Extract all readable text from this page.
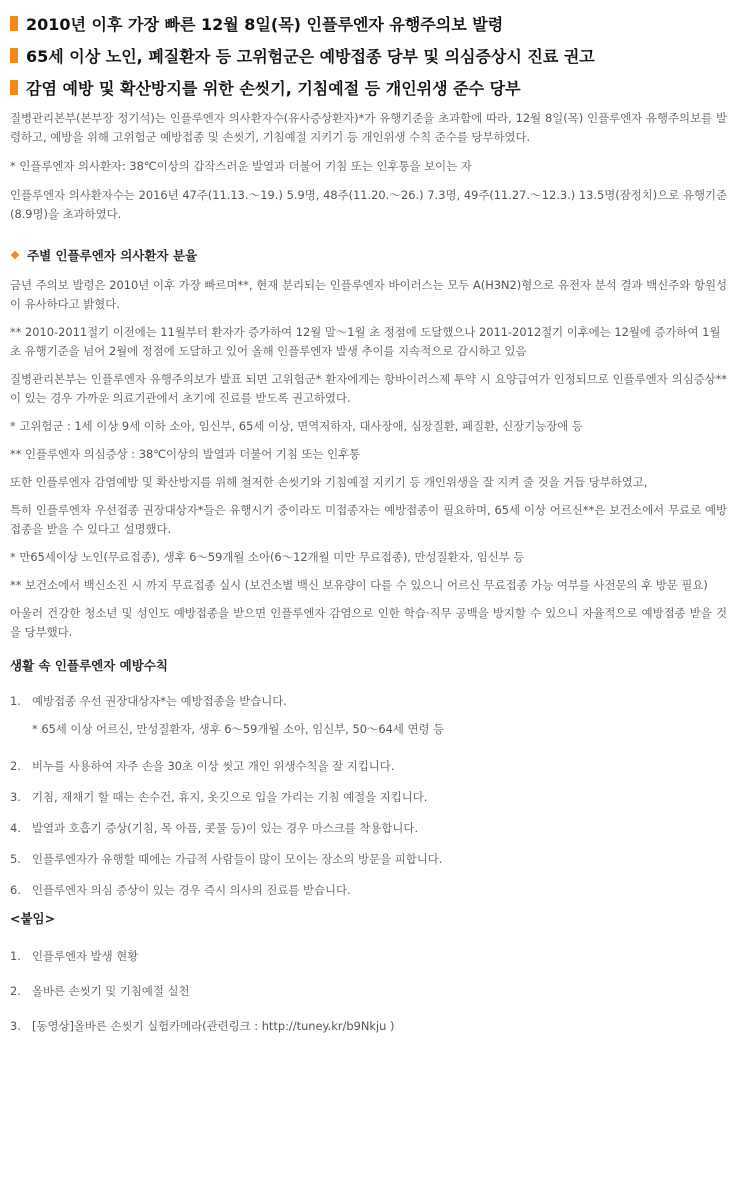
2010년 이후 가장 빠른 12월 8일(목) 인플루엔자 유행주의보 발령
65세 이상 노인, 폐질환자 등 고위험군은 예방접종 당부 및 의심증상시 진료 권고
감염 예방 및 확산방지를 위한 손씻기, 기침예절 등 개인위생 준수 당부

질병관리본부(본부장 정기석)는 인플루엔자 의사환자수(유사증상환자)*가 유행기준을 초과함에 따라, 12월 8일(목) 인플루엔자 유행주의보를 발령하고, 예방을 위해 고위험군 예방접종 및 손씻기, 기침예절 지키기 등 개인위생 수칙 준수를 당부하였다.

* 인플루엔자 의사환자: 38℃이상의 갑작스러운 발열과 더불어 기침 또는 인후통을 보이는 자

인플루엔자 의사환자수는 2016년 47주(11.13.～19.) 5.9명, 48주(11.20.～26.) 7.3명, 49주(11.27.～12.3.) 13.5명(잠정치)으로 유행기준(8.9명)을 초과하였다.

주별 인플루엔자 의사환자 분율

금년 주의보 발령은 2010년 이후 가장 빠르며**, 현재 분리되는 인플루엔자 바이러스는 모두 A(H3N2)형으로 유전자 분석 결과 백신주와 항원성이 유사하다고 밝혔다.

** 2010-2011절기 이전에는 11월부터 환자가 증가하여 12월 말～1월 초 정점에 도달했으나 2011-2012절기 이후에는 12월에 증가하여 1월 초 유행기준을 넘어 2월에 정점에 도달하고 있어 올해 인플루엔자 발생 추이를 지속적으로 감시하고 있음

질병관리본부는 인플루엔자 유행주의보가 발표 되면 고위험군* 환자에게는 항바이러스제 투약 시 요양급여가 인정되므로 인플루엔자 의심증상**이 있는 경우 가까운 의료기관에서 초기에 진료를 받도록 권고하였다.

* 고위험군 : 1세 이상 9세 이하 소아, 임신부, 65세 이상, 면역저하자, 대사장애, 심장질환, 폐질환, 신장기능장애 등

** 인플루엔자 의심증상 : 38℃이상의 발열과 더불어 기침 또는 인후통

또한 인플루엔자 감염예방 및 확산방지를 위해 철저한 손씻기와 기침예절 지키기 등 개인위생을 잘 지켜 줄 것을 거듭 당부하였고,

특히 인플루엔자 우선접종 권장대상자*들은 유행시기 중이라도 미접종자는 예방접종이 필요하며, 65세 이상 어르신**은 보건소에서 무료로 예방접종을 받을 수 있다고 설명했다.

* 만65세이상 노인(무료접종), 생후 6～59개월 소아(6～12개월 미만 무료접종), 만성질환자, 임신부 등

** 보건소에서 백신소진 시 까지 무료접종 실시 (보건소별 백신 보유량이 다를 수 있으니 어르신 무료접종 가능 여부를 사전문의 후 방문 필요)

아울러 건강한 청소년 및 성인도 예방접종을 받으면 인플루엔자 감염으로 인한 학습·직무 공백을 방지할 수 있으니 자율적으로 예방접종 받을 것을 당부했다.

생활 속 인플루엔자 예방수칙

1. 예방접종 우선 권장대상자*는 예방접종을 받습니다.

* 65세 이상 어르신, 만성질환자, 생후 6～59개월 소아, 임신부, 50～64세 연령 등

2. 비누를 사용하여 자주 손을 30초 이상 씻고 개인 위생수칙을 잘 지킵니다.
3. 기침, 재채기 할 때는 손수건, 휴지, 옷깃으로 입을 가리는 기침 예절을 지킵니다.
4. 발열과 호흡기 증상(기침, 목 아픔, 콧물 등)이 있는 경우 마스크를 착용합니다.
5. 인플루엔자가 유행할 때에는 가급적 사람들이 많이 모이는 장소의 방문을 피합니다.
6. 인플루엔자 의심 증상이 있는 경우 즉시 의사의 진료를 받습니다.

<붙임>

1. 인플루엔자 발생 현황
2. 올바른 손씻기 및 기침예절 실천
3. [동영상]올바른 손씻기 실험카메라(관련링크 : http://tuney.kr/b9Nkju )
